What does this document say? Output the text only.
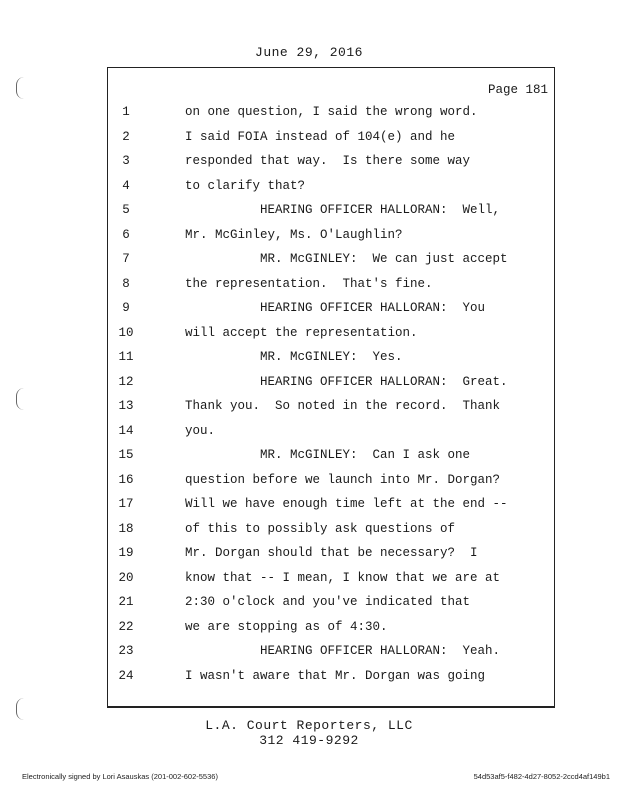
June 29, 2016
Page 181
1	on one question, I said the wrong word.
2	I said FOIA instead of 104(e) and he
3	responded that way.  Is there some way
4	to clarify that?
5	HEARING OFFICER HALLORAN:  Well,
6	Mr. McGinley, Ms. O'Laughlin?
7	MR. McGINLEY:  We can just accept
8	the representation.  That's fine.
9	HEARING OFFICER HALLORAN:  You
10	will accept the representation.
11	MR. McGINLEY:  Yes.
12	HEARING OFFICER HALLORAN:  Great.
13	Thank you.  So noted in the record.  Thank
14	you.
15	MR. McGINLEY:  Can I ask one
16	question before we launch into Mr. Dorgan?
17	Will we have enough time left at the end --
18	of this to possibly ask questions of
19	Mr. Dorgan should that be necessary?  I
20	know that -- I mean, I know that we are at
21	2:30 o'clock and you've indicated that
22	we are stopping as of 4:30.
23	HEARING OFFICER HALLORAN:  Yeah.
24	I wasn't aware that Mr. Dorgan was going
L.A. Court Reporters, LLC
312 419-9292
Electronically signed by Lori Asauskas (201-002-602-5536)	54d53af5-f482-4d27-8052-2ccd4af149b1
